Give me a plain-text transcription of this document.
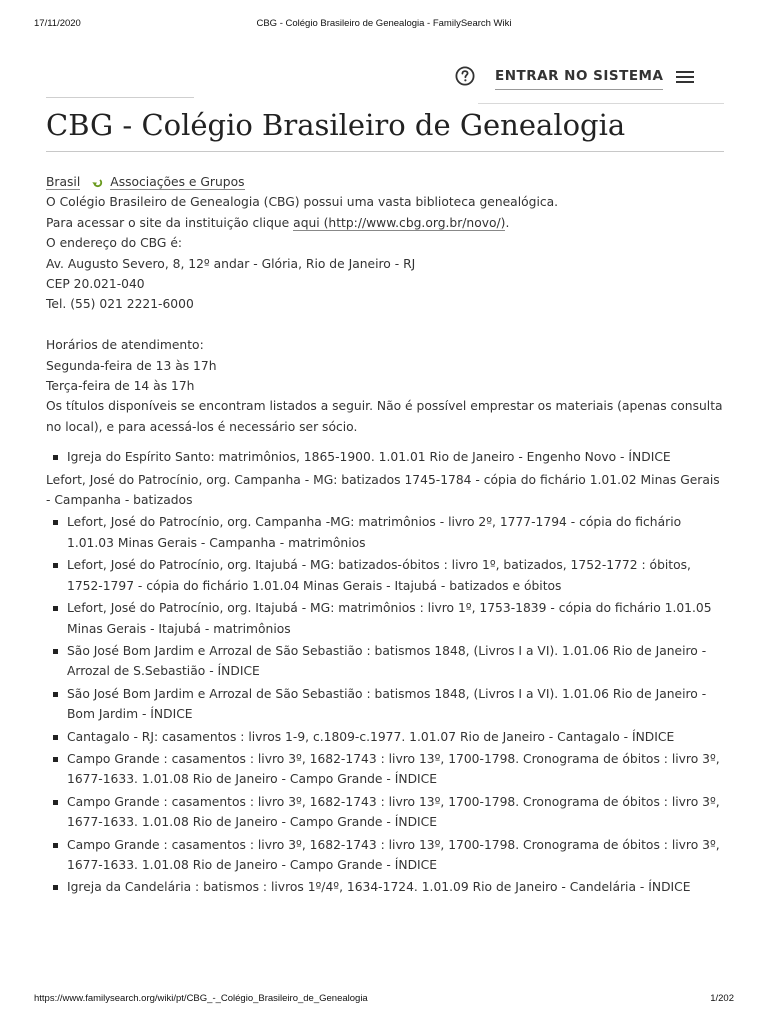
17/11/2020	CBG - Colégio Brasileiro de Genealogia - FamilySearch Wiki
ENTRAR NO SISTEMA
CBG - Colégio Brasileiro de Genealogia

Brasil Associações e Grupos

O Colégio Brasileiro de Genealogia (CBG) possui uma vasta biblioteca genealógica.

Para acessar o site da instituição clique aqui (http://www.cbg.org.br/novo/).

O endereço do CBG é:

Av. Augusto Severo, 8, 12º andar - Glória, Rio de Janeiro - RJ

CEP 20.021-040

Tel. (55) 021 2221-6000

Horários de atendimento:

Segunda-feira de 13 às 17h

Terça-feira de 14 às 17h

Os títulos disponíveis se encontram listados a seguir. Não é possível emprestar os materiais (apenas consulta no local), e para acessá-los é necessário ser sócio.

Igreja do Espírito Santo: matrimônios, 1865-1900. 1.01.01 Rio de Janeiro - Engenho Novo - ÍNDICE

Lefort, José do Patrocínio, org. Campanha - MG: batizados 1745-1784 - cópia do fichário 1.01.02 Minas Gerais - Campanha - batizados

Lefort, José do Patrocínio, org. Campanha -MG: matrimônios - livro 2º, 1777-1794 - cópia do fichário 1.01.03 Minas Gerais - Campanha - matrimônios
Lefort, José do Patrocínio, org. Itajubá - MG: batizados-óbitos : livro 1º, batizados, 1752-1772 : óbitos, 1752-1797 - cópia do fichário 1.01.04 Minas Gerais - Itajubá - batizados e óbitos
Lefort, José do Patrocínio, org. Itajubá - MG: matrimônios : livro 1º, 1753-1839 - cópia do fichário 1.01.05 Minas Gerais - Itajubá - matrimônios
São José Bom Jardim e Arrozal de São Sebastião : batismos 1848, (Livros I a VI). 1.01.06 Rio de Janeiro - Arrozal de S.Sebastião - ÍNDICE
São José Bom Jardim e Arrozal de São Sebastião : batismos 1848, (Livros I a VI). 1.01.06 Rio de Janeiro - Bom Jardim - ÍNDICE
Cantagalo - RJ: casamentos : livros 1-9, c.1809-c.1977. 1.01.07 Rio de Janeiro - Cantagalo - ÍNDICE
Campo Grande : casamentos : livro 3º, 1682-1743 : livro 13º, 1700-1798. Cronograma de óbitos : livro 3º, 1677-1633. 1.01.08 Rio de Janeiro - Campo Grande - ÍNDICE
Campo Grande : casamentos : livro 3º, 1682-1743 : livro 13º, 1700-1798. Cronograma de óbitos : livro 3º, 1677-1633. 1.01.08 Rio de Janeiro - Campo Grande - ÍNDICE
Campo Grande : casamentos : livro 3º, 1682-1743 : livro 13º, 1700-1798. Cronograma de óbitos : livro 3º, 1677-1633. 1.01.08 Rio de Janeiro - Campo Grande - ÍNDICE
Igreja da Candelária : batismos : livros 1º/4º, 1634-1724. 1.01.09 Rio de Janeiro - Candelária - ÍNDICE
https://www.familysearch.org/wiki/pt/CBG_-_Colégio_Brasileiro_de_Genealogia	1/202
